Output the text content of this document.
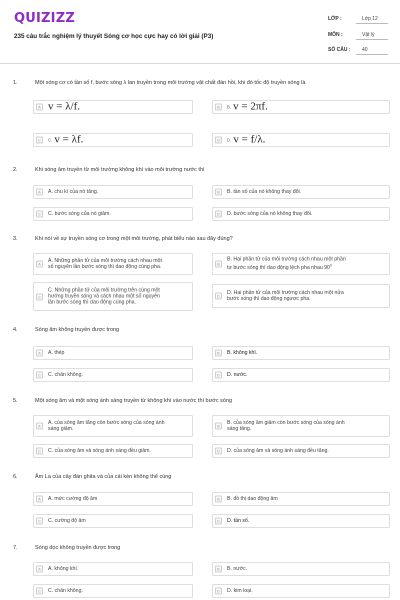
QUIZIZZ
235 câu trắc nghiệm lý thuyết Sóng cơ học cực hay có lời giải (P3)
LỚP :	Lớp 12
MÔN :	Vật lý
SỐ CÂU : 40
1.	Một sóng cơ có tần số f, bước sóng λ lan truyền trong môi trường vật chất đàn hồi, khi đó tốc độ truyền sóng là
A v = λ/f.	B	B. v = 2πf.
C	C. v = λf.	D	D. v = f/λ.
2.	Khi sóng âm truyền từ môi trường không khí vào môi trường nước thì
A	A. chu kì của nó tăng.	B	B. tần số của nó không thay đổi.
C	C. bước sóng của nó giảm.	D	D. bước sóng của nó không thay đổi.
3.	Khi nói về sự truyền sóng cơ trong một môi trường, phát biểu nào sau đây đúng?
A
A. Những phần tử của môi trường cách nhau một
số nguyên lần bước sóng thì dao động cùng pha.	B
B. Hai phần tử của môi trường cách nhau một phần
tư bước sóng thì dao động lệch pha nhau $90^0$
C
C. Những phần tử của môi trường trên cùng một
hướng truyền sóng và cách nhau một số nguyên
lần bước sóng thì dao động cùng pha.
D
D. Hai phần tử của môi trường cách nhau một nửa
bước sóng thì dao động ngược pha.
4.	Sóng âm không truyền được trong
A	A. thép	B	B. không khí.
C	C. chân không.	D	D. nước.
5.	Một sóng âm và một sóng ánh sáng truyền từ không khí vào nước thì bước sóng
A
A. của sóng âm tăng còn bước sóng của sóng ánh
sáng giảm.	B
B. của sóng âm giảm còn bước sóng của sóng ánh
sáng tăng.
C	C. của sóng âm và sóng ánh sáng đều giảm.	D	D. của sóng âm và sóng ánh sáng đều tăng.
6.	Âm La của cây đàn ghita và của cái kèn không thể cùng
A	A. mức cường độ âm	B	B. đồ thị dao động âm
C	C. cường độ âm	D	D. tần số.
7.	Sóng dọc không truyền được trong
A	A. không khí.	B	B. nước.
C	C. chân không.	D	D. kim loại.
